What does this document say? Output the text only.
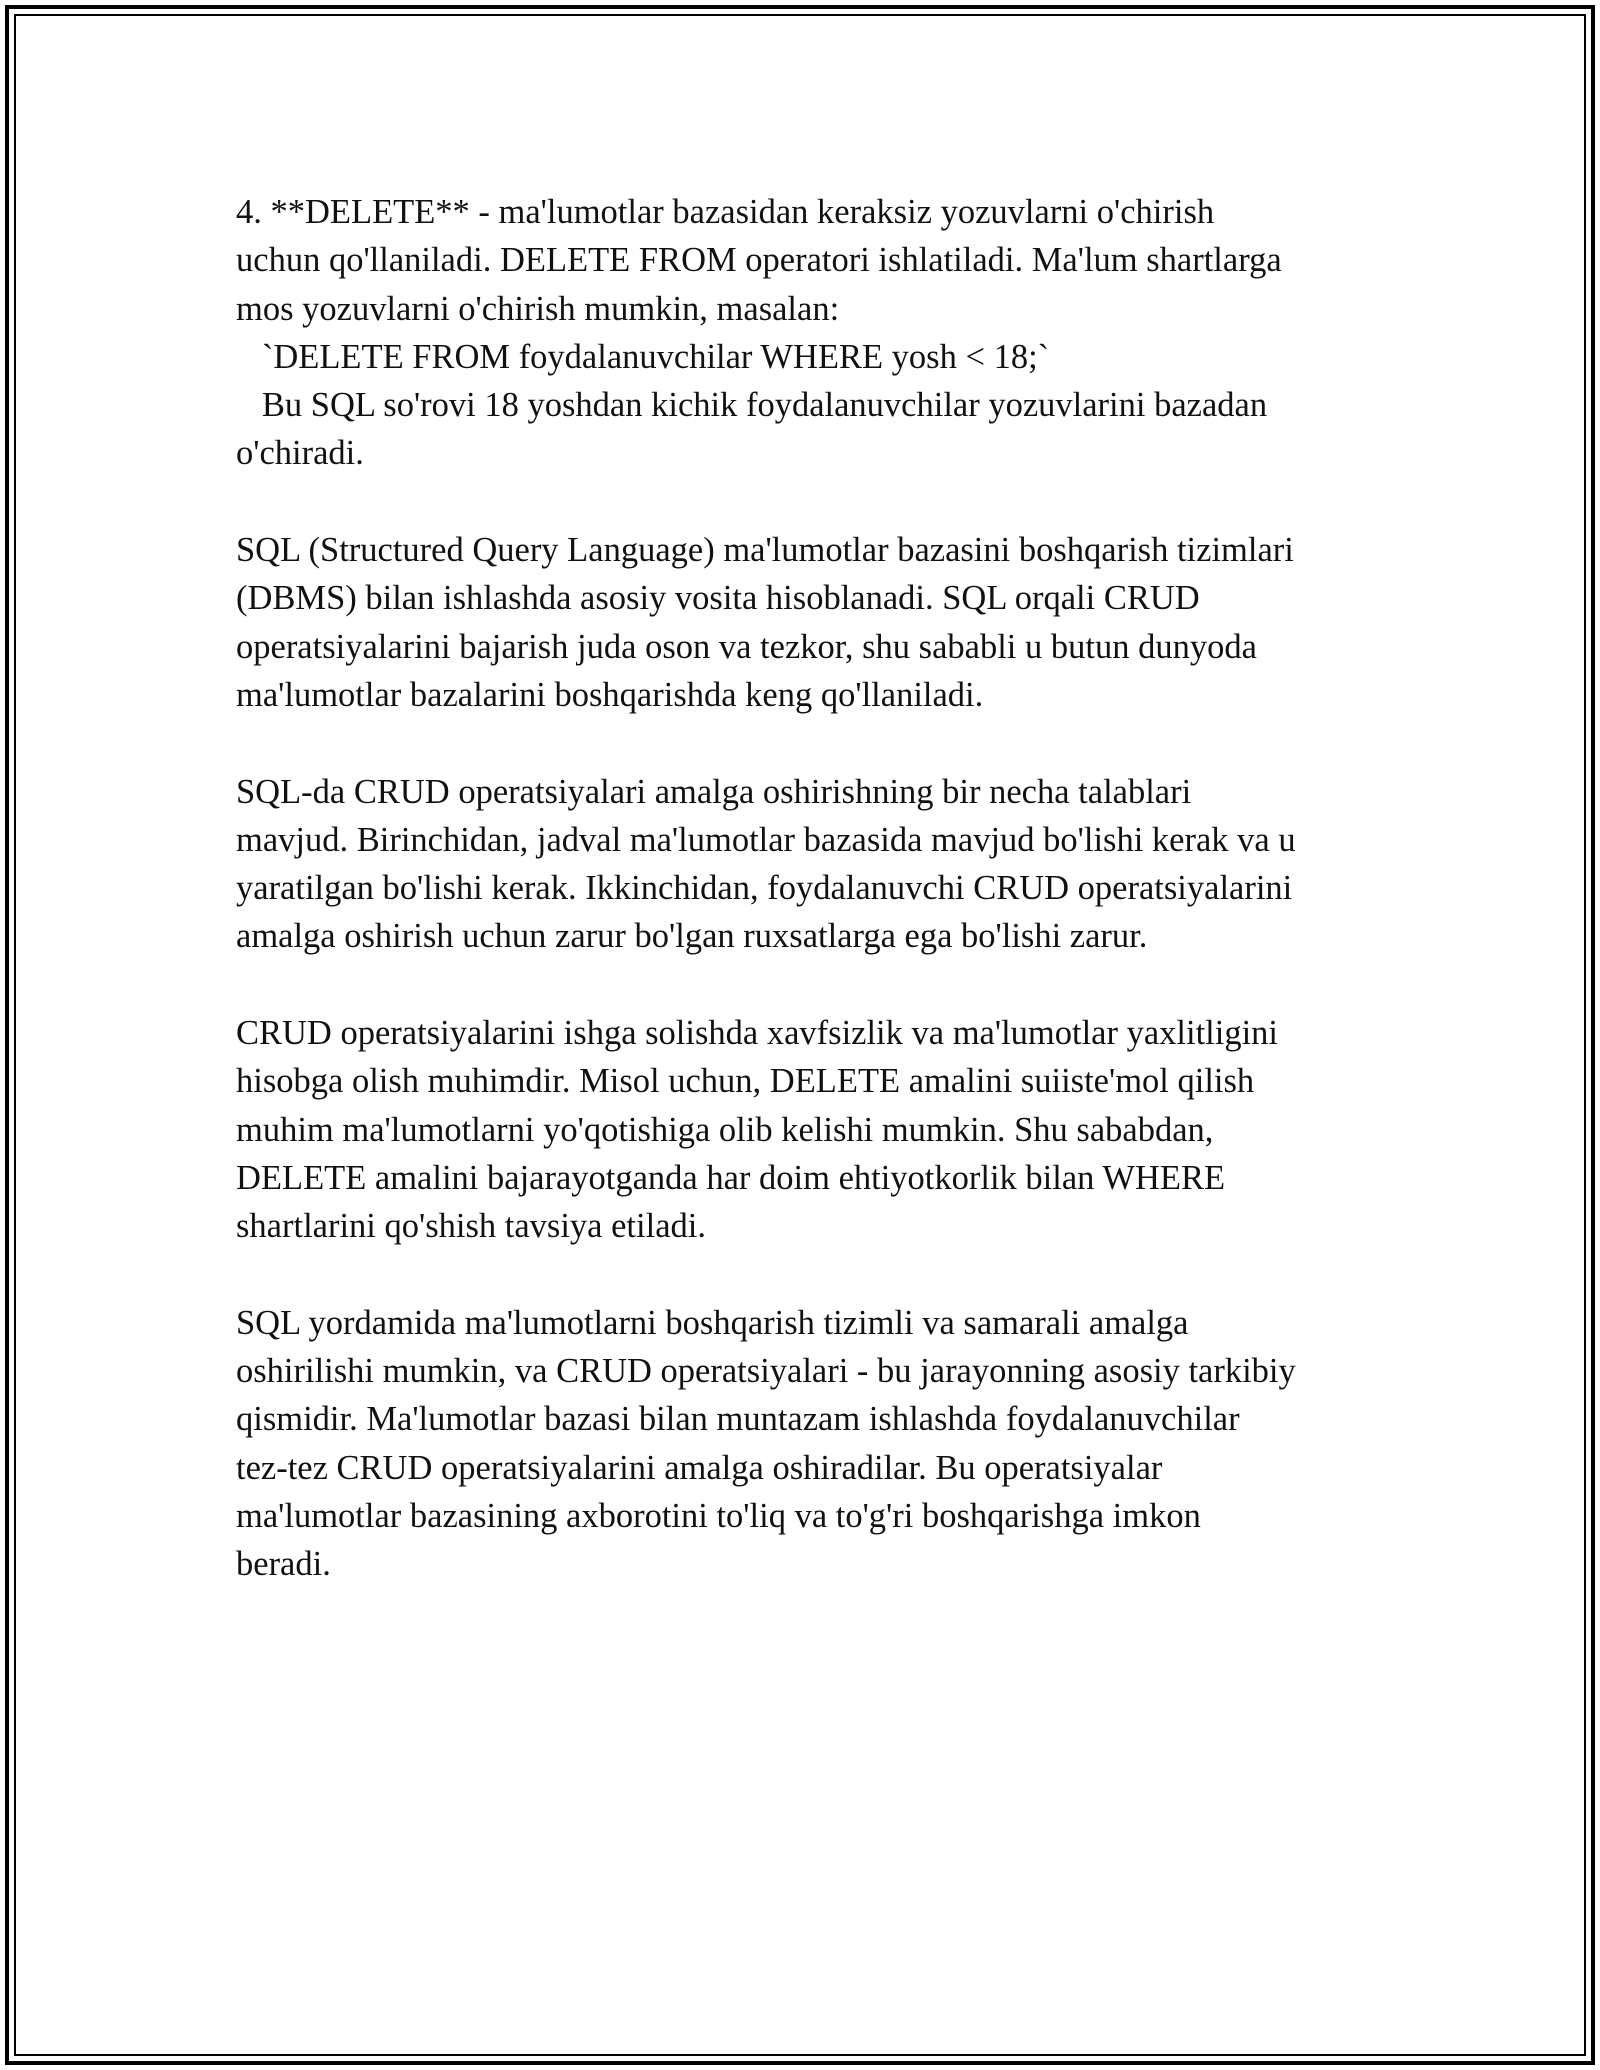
4. **DELETE** - ma'lumotlar bazasidan keraksiz yozuvlarni o'chirish
uchun qo'llaniladi. DELETE FROM operatori ishlatiladi. Ma'lum shartlarga
mos yozuvlarni o'chirish mumkin, masalan:
`DELETE FROM foydalanuvchilar WHERE yosh < 18;`
Bu SQL so'rovi 18 yoshdan kichik foydalanuvchilar yozuvlarini bazadan
o'chiradi.

SQL (Structured Query Language) ma'lumotlar bazasini boshqarish tizimlari
(DBMS) bilan ishlashda asosiy vosita hisoblanadi. SQL orqali CRUD
operatsiyalarini bajarish juda oson va tezkor, shu sababli u butun dunyoda
ma'lumotlar bazalarini boshqarishda keng qo'llaniladi.

SQL-da CRUD operatsiyalari amalga oshirishning bir necha talablari
mavjud. Birinchidan, jadval ma'lumotlar bazasida mavjud bo'lishi kerak va u
yaratilgan bo'lishi kerak. Ikkinchidan, foydalanuvchi CRUD operatsiyalarini
amalga oshirish uchun zarur bo'lgan ruxsatlarga ega bo'lishi zarur.

CRUD operatsiyalarini ishga solishda xavfsizlik va ma'lumotlar yaxlitligini
hisobga olish muhimdir. Misol uchun, DELETE amalini suiiste'mol qilish
muhim ma'lumotlarni yo'qotishiga olib kelishi mumkin. Shu sababdan,
DELETE amalini bajarayotganda har doim ehtiyotkorlik bilan WHERE
shartlarini qo'shish tavsiya etiladi.

SQL yordamida ma'lumotlarni boshqarish tizimli va samarali amalga
oshirilishi mumkin, va CRUD operatsiyalari - bu jarayonning asosiy tarkibiy
qismidir. Ma'lumotlar bazasi bilan muntazam ishlashda foydalanuvchilar
tez-tez CRUD operatsiyalarini amalga oshiradilar. Bu operatsiyalar
ma'lumotlar bazasining axborotini to'liq va to'g'ri boshqarishga imkon
beradi.
